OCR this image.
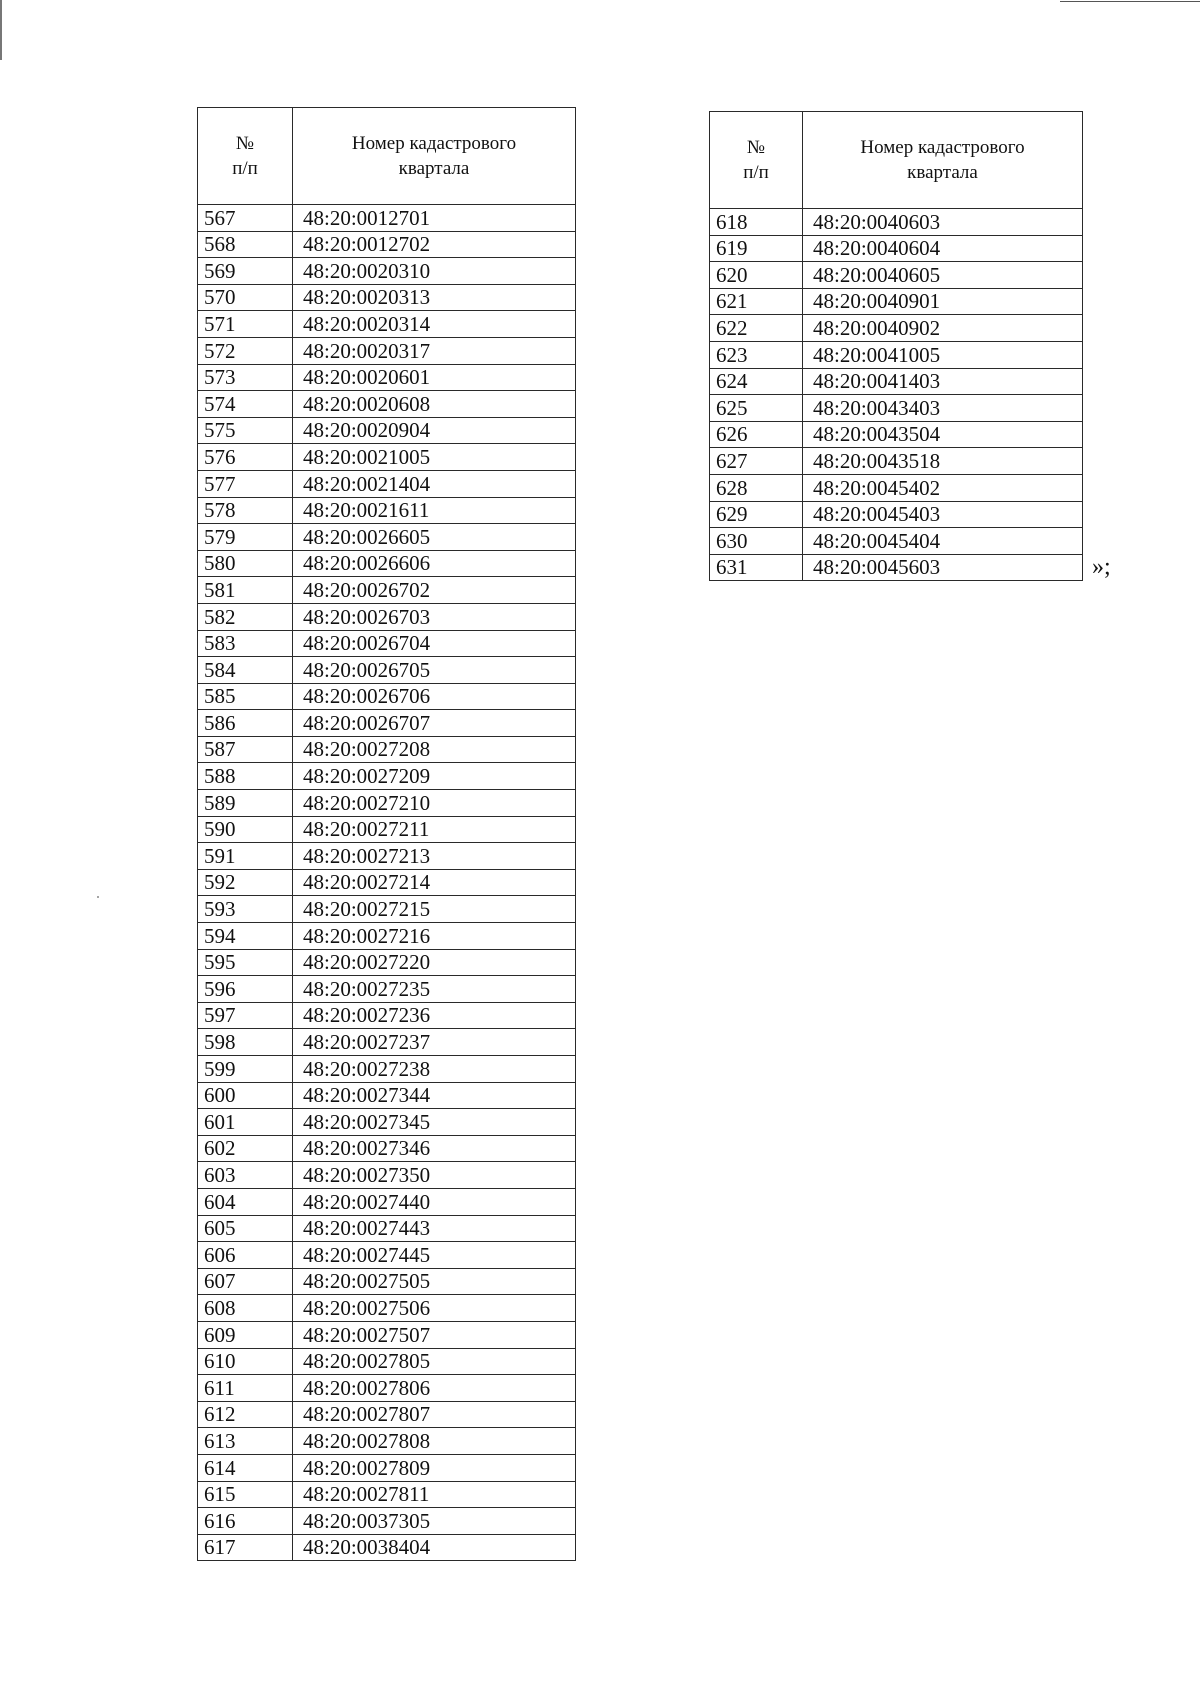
№
п/п	Номер кадастрового
квартала

567	48:20:0012701
568	48:20:0012702
569	48:20:0020310
570	48:20:0020313
571	48:20:0020314
572	48:20:0020317
573	48:20:0020601
574	48:20:0020608
575	48:20:0020904
576	48:20:0021005
577	48:20:0021404
578	48:20:0021611
579	48:20:0026605
580	48:20:0026606
581	48:20:0026702
582	48:20:0026703
583	48:20:0026704
584	48:20:0026705
585	48:20:0026706
586	48:20:0026707
587	48:20:0027208
588	48:20:0027209
589	48:20:0027210
590	48:20:0027211
591	48:20:0027213
592	48:20:0027214
593	48:20:0027215
594	48:20:0027216
595	48:20:0027220
596	48:20:0027235
597	48:20:0027236
598	48:20:0027237
599	48:20:0027238
600	48:20:0027344
601	48:20:0027345
602	48:20:0027346
603	48:20:0027350
604	48:20:0027440
605	48:20:0027443
606	48:20:0027445
607	48:20:0027505
608	48:20:0027506
609	48:20:0027507
610	48:20:0027805
611	48:20:0027806
612	48:20:0027807
613	48:20:0027808
614	48:20:0027809
615	48:20:0027811
616	48:20:0037305
617	48:20:0038404
№
п/п	Номер кадастрового
квартала

618	48:20:0040603
619	48:20:0040604
620	48:20:0040605
621	48:20:0040901
622	48:20:0040902
623	48:20:0041005
624	48:20:0041403
625	48:20:0043403
626	48:20:0043504
627	48:20:0043518
628	48:20:0045402
629	48:20:0045403
630	48:20:0045404
631	48:20:0045603	»;
